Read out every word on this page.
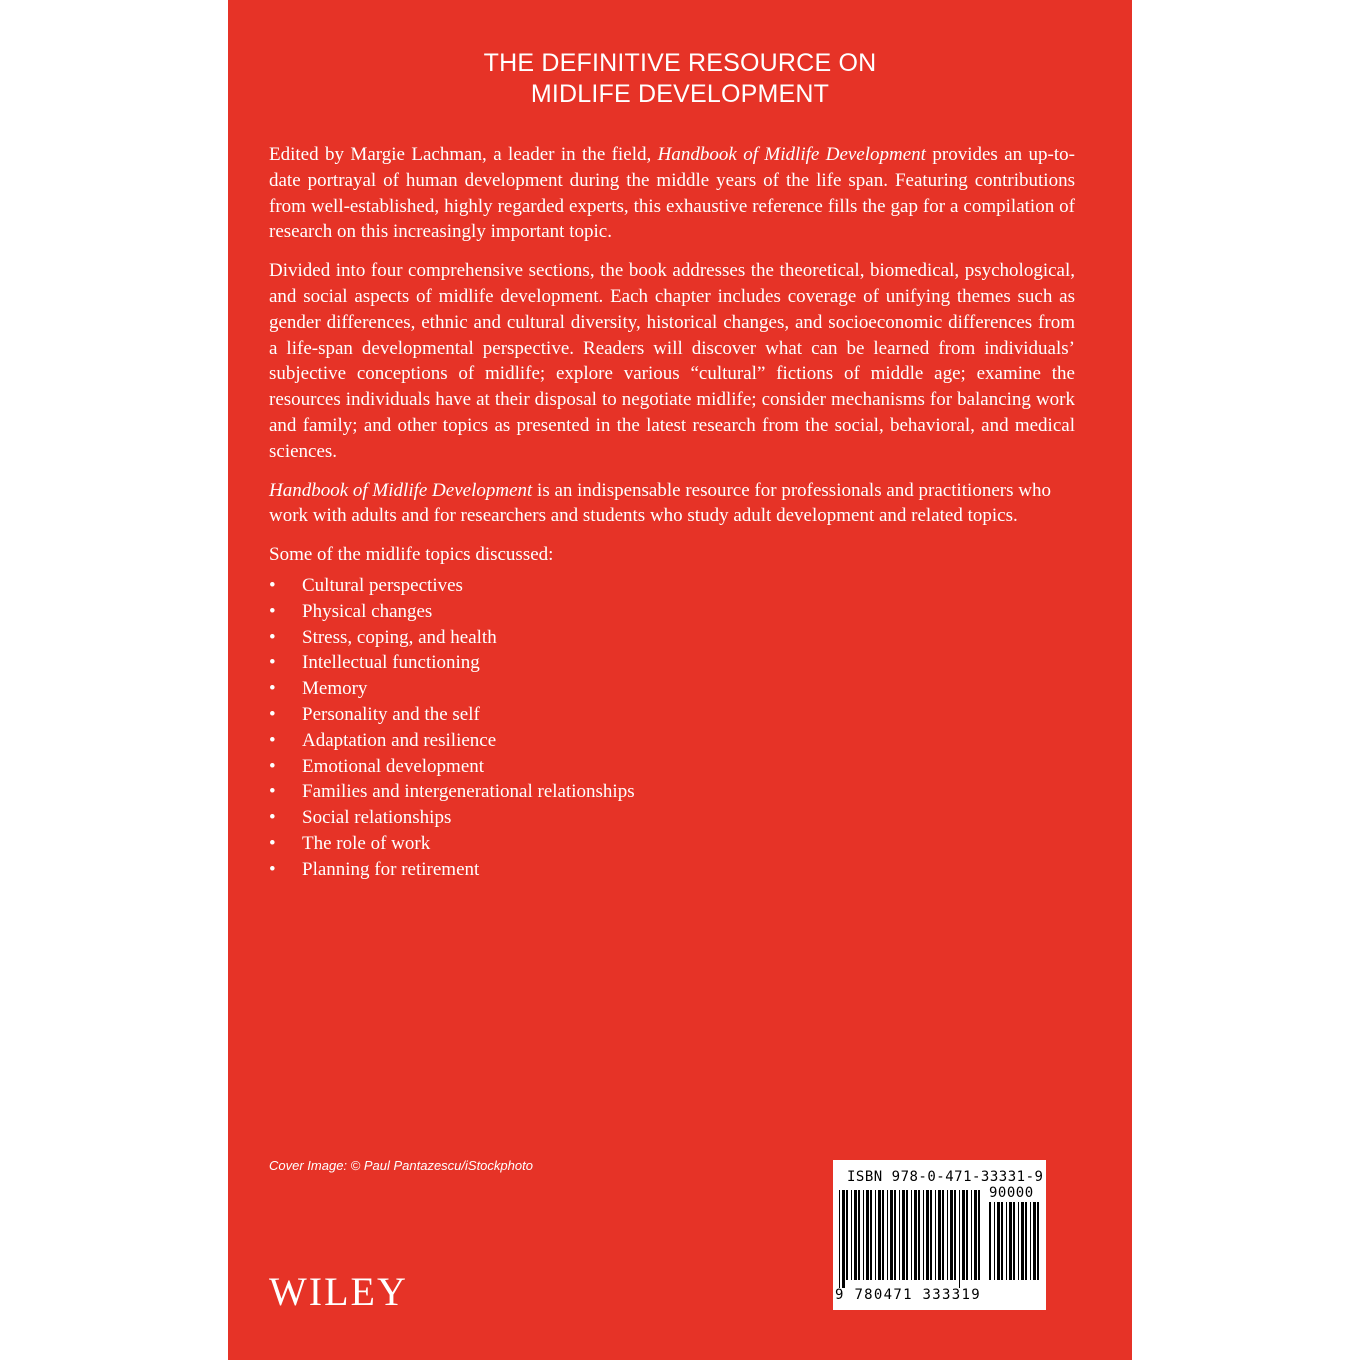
THE DEFINITIVE RESOURCE ON
MIDLIFE DEVELOPMENT

Edited by Margie Lachman, a leader in the field, Handbook of Midlife Development provides an up-to-date portrayal of human development during the middle years of the life span. Featuring contributions from well-established, highly regarded experts, this exhaustive reference fills the gap for a compilation of research on this increasingly important topic.

Divided into four comprehensive sections, the book addresses the theoretical, biomedical, psychological, and social aspects of midlife development. Each chapter includes coverage of unifying themes such as gender differences, ethnic and cultural diversity, historical changes, and socioeconomic differences from a life-span developmental perspective. Readers will discover what can be learned from individuals’ subjective conceptions of midlife; explore various “cultural” fictions of middle age; examine the resources individuals have at their disposal to negotiate midlife; consider mechanisms for balancing work and family; and other topics as presented in the latest research from the social, behavioral, and medical sciences.

Handbook of Midlife Development is an indispensable resource for professionals and practitioners who work with adults and for researchers and students who study adult development and related topics.

Some of the midlife topics discussed:

• Cultural perspectives
• Physical changes
• Stress, coping, and health
• Intellectual functioning
• Memory
• Personality and the self
• Adaptation and resilience
• Emotional development
• Families and intergenerational relationships
• Social relationships
• The role of work
• Planning for retirement
Cover Image: © Paul Pantazescu/iStockphoto
WILEY
ISBN 978-0-471-33331-9
90000
9 780471 333319
